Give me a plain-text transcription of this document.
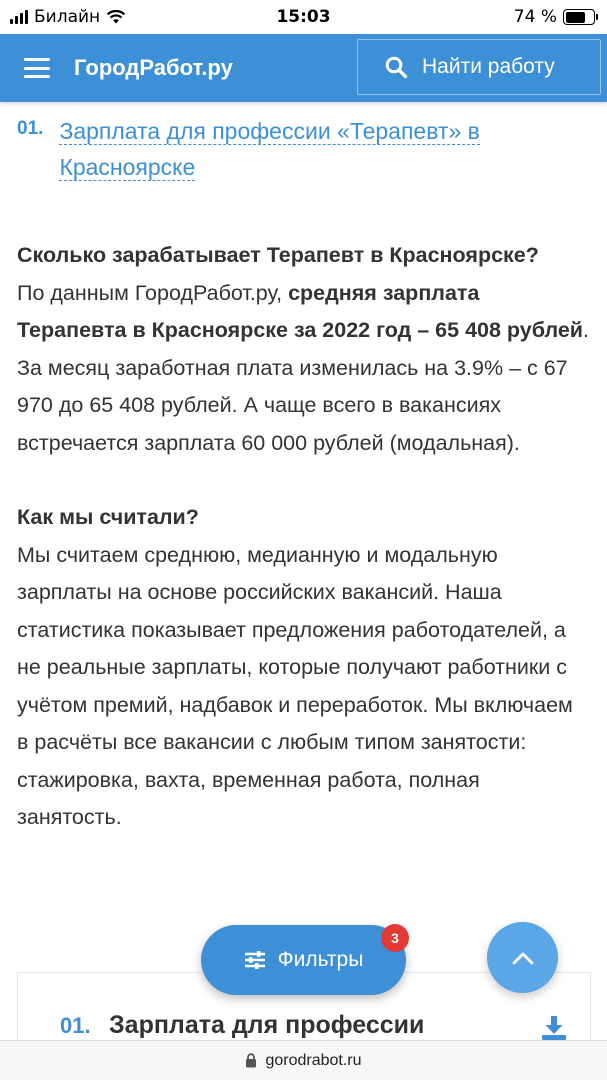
Билайн	15:03	74 %
ГородРабот.ру	Найти работу
01. Зарплата для профессии «Терапевт» в Красноярске
Сколько зарабатывает Терапевт в Красноярске?

По данным ГородРабот.ру, средняя зарплата Терапевта в Красноярске за 2022 год – 65 408 рублей. За месяц заработная плата изменилась на 3.9% – с 67 970 до 65 408 рублей. А чаще всего в вакансиях встречается зарплата 60 000 рублей (модальная).

Как мы считали?

Мы считаем среднюю, медианную и модальную зарплаты на основе российских вакансий. Наша статистика показывает предложения работодателей, а не реальные зарплаты, которые получают работники с учётом премий, надбавок и переработок. Мы включаем в расчёты все вакансии с любым типом занятости: стажировка, вахта, временная работа, полная занятость.

01. Зарплата для профессии
Фильтры
3
gorodrabot.ru
